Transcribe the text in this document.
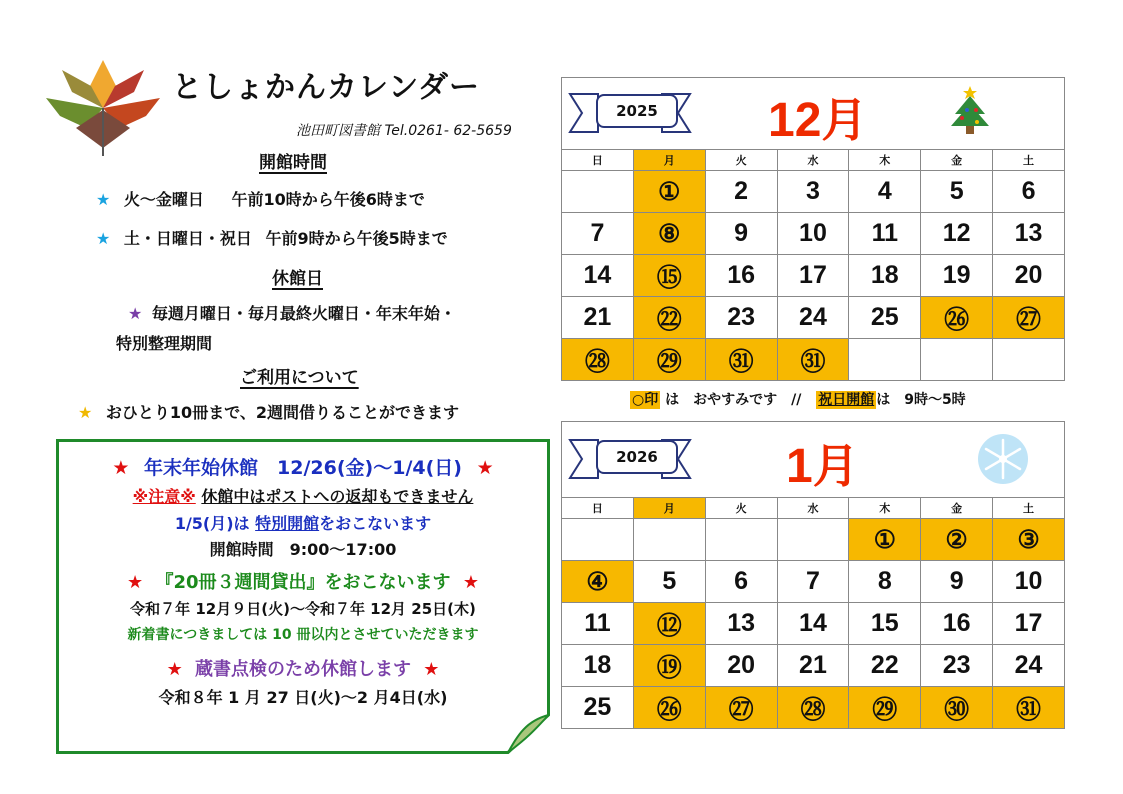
としょかんカレンダー
池田町図書館 Tel.0261- 62-5659
開館時間
★ 火～金曜日 午前10時から午後6時まで
★ 土・日曜日・祝日 午前9時から午後5時まで
休館日
★ 毎週月曜日・毎月最終火曜日・年末年始・
特別整理期間
ご利用について
★ おひとり10冊まで、2週間借りることができます
★ 年末年始休館　12/26(金)～1/4(日) ★
※注意※ 休館中はポストへの返却もできません
1/5(月)は 特別開館をおこないます
開館時間　9:00～17:00
★ 『20冊３週間貸出』をおこないます ★
令和７年 12月９日(火)～令和７年 12月 25日(木)
新着書につきましては 10 冊以内とさせていただきます
★ 蔵書点検のため休館します ★
令和８年 1 月 27 日(火)～2 月4日(水)
2025	12月
日	月	火	水	木	金	土
	①	2	3	4	5	6
7	⑧	9	10	11	12	13
14	⑮	16	17	18	19	20
21	㉒	23	24	25	㉖	㉗
㉘	㉙	㉛	㉛			
○印 は　おやすみです　// 祝日開館 は　9時～5時
2026	1月
日	月	火	水	木	金	土
				①	②	③
④	5	6	7	8	9	10
11	⑫	13	14	15	16	17
18	⑲	20	21	22	23	24
25	㉖	㉗	㉘	㉙	㉚	㉛
